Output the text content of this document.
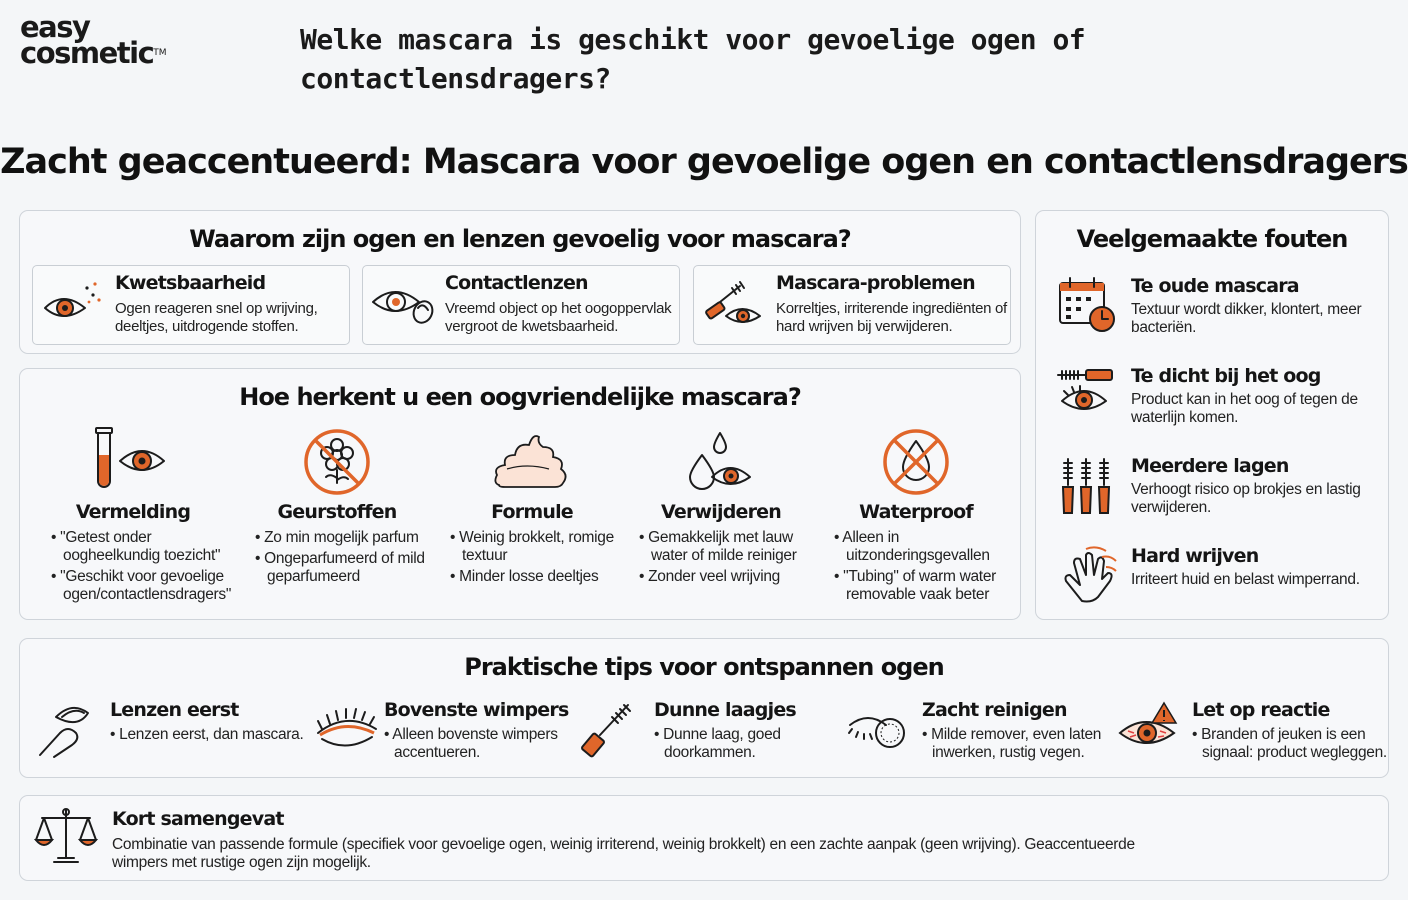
easy
cosmetic™	Welke mascara is geschikt voor gevoelige ogen of contactlensdragers?
Zacht geaccentueerd: Mascara voor gevoelige ogen en contactlensdragers
Waarom zijn ogen en lenzen gevoelig voor mascara?
Kwetsbaarheid
Ogen reageren snel op wrijving, deeltjes, uitdrogende stoffen.
Contactlenzen
Vreemd object op het oogoppervlak vergroot de kwetsbaarheid.
Mascara-problemen
Korreltjes, irriterende ingrediënten of hard wrijven bij verwijderen.
Hoe herkent u een oogvriendelijke mascara?
Vermelding
• "Getest onder oogheelkundig toezicht"
• "Geschikt voor gevoelige ogen/contactlensdragers"
Geurstoffen
• Zo min mogelijk parfum
• Ongeparfumeerd of mild geparfumeerd
Formule
• Weinig brokkelt, romige textuur
• Minder losse deeltjes
Verwijderen
• Gemakkelijk met lauw water of milde reiniger
• Zonder veel wrijving
Waterproof
• Alleen in uitzonderingsgevallen
• "Tubing" of warm water removable vaak beter
Veelgemaakte fouten
Te oude mascara
Textuur wordt dikker, klontert, meer bacteriën.
Te dicht bij het oog
Product kan in het oog of tegen de waterlijn komen.
Meerdere lagen
Verhoogt risico op brokjes en lastig verwijderen.
Hard wrijven
Irriteert huid en belast wimperrand.
Praktische tips voor ontspannen ogen
Lenzen eerst
• Lenzen eerst, dan mascara.
Bovenste wimpers
• Alleen bovenste wimpers accentueren.
Dunne laagjes
• Dunne laag, goed doorkammen.
Zacht reinigen
• Milde remover, even laten inwerken, rustig vegen.
Let op reactie
• Branden of jeuken is een signaal: product wegleggen.
Kort samengevat
Combinatie van passende formule (specifiek voor gevoelige ogen, weinig irriterend, weinig brokkelt) en een zachte aanpak (geen wrijving). Geaccentueerde wimpers met rustige ogen zijn mogelijk.
